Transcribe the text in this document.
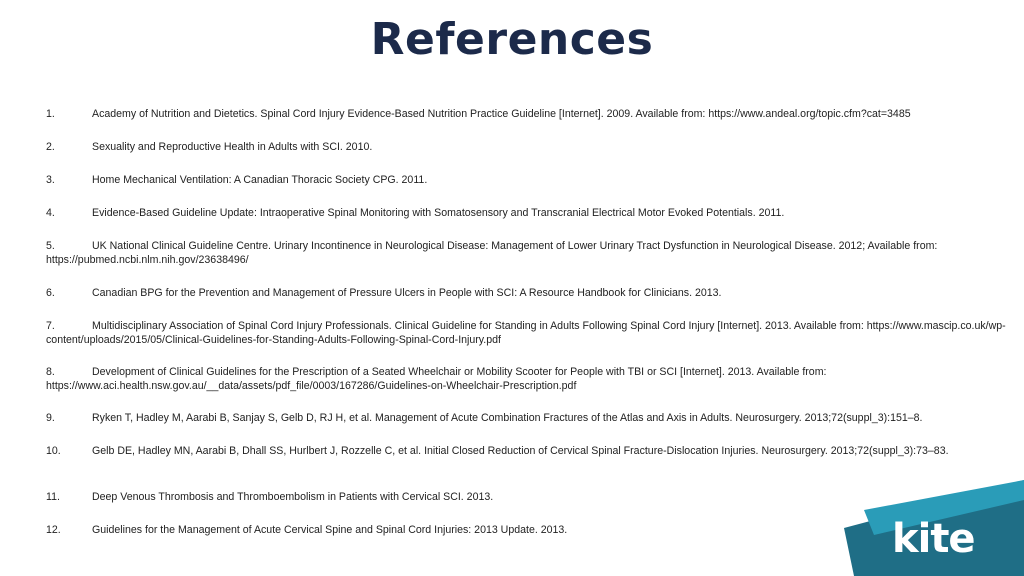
References

1.	Academy of Nutrition and Dietetics. Spinal Cord Injury Evidence-Based Nutrition Practice Guideline [Internet]. 2009. Available from: https://www.andeal.org/topic.cfm?cat=3485

2.	Sexuality and Reproductive Health in Adults with SCI. 2010.

3.	Home Mechanical Ventilation: A Canadian Thoracic Society CPG. 2011.

4.	Evidence-Based Guideline Update: Intraoperative Spinal Monitoring with Somatosensory and Transcranial Electrical Motor Evoked Potentials. 2011.

5.	UK National Clinical Guideline Centre. Urinary Incontinence in Neurological Disease: Management of Lower Urinary Tract Dysfunction in Neurological Disease. 2012; Available from: https://pubmed.ncbi.nlm.nih.gov/23638496/

6.	Canadian BPG for the Prevention and Management of Pressure Ulcers in People with SCI: A Resource Handbook for Clinicians. 2013.

7.	Multidisciplinary Association of Spinal Cord Injury Professionals. Clinical Guideline for Standing in Adults Following Spinal Cord Injury [Internet]. 2013. Available from: https://www.mascip.co.uk/wp-content/uploads/2015/05/Clinical-Guidelines-for-Standing-Adults-Following-Spinal-Cord-Injury.pdf

8.	Development of Clinical Guidelines for the Prescription of a Seated Wheelchair or Mobility Scooter for People with TBI or SCI [Internet]. 2013. Available from: https://www.aci.health.nsw.gov.au/__data/assets/pdf_file/0003/167286/Guidelines-on-Wheelchair-Prescription.pdf

9.	Ryken T, Hadley M, Aarabi B, Sanjay S, Gelb D, RJ H, et al. Management of Acute Combination Fractures of the Atlas and Axis in Adults. Neurosurgery. 2013;72(suppl_3):151–8.

10.	Gelb DE, Hadley MN, Aarabi B, Dhall SS, Hurlbert J, Rozzelle C, et al. Initial Closed Reduction of Cervical Spinal Fracture-Dislocation Injuries. Neurosurgery. 2013;72(suppl_3):73–83.

11.	Deep Venous Thrombosis and Thromboembolism in Patients with Cervical SCI. 2013.

12.	Guidelines for the Management of Acute Cervical Spine and Spinal Cord Injuries: 2013 Update. 2013.	kite
